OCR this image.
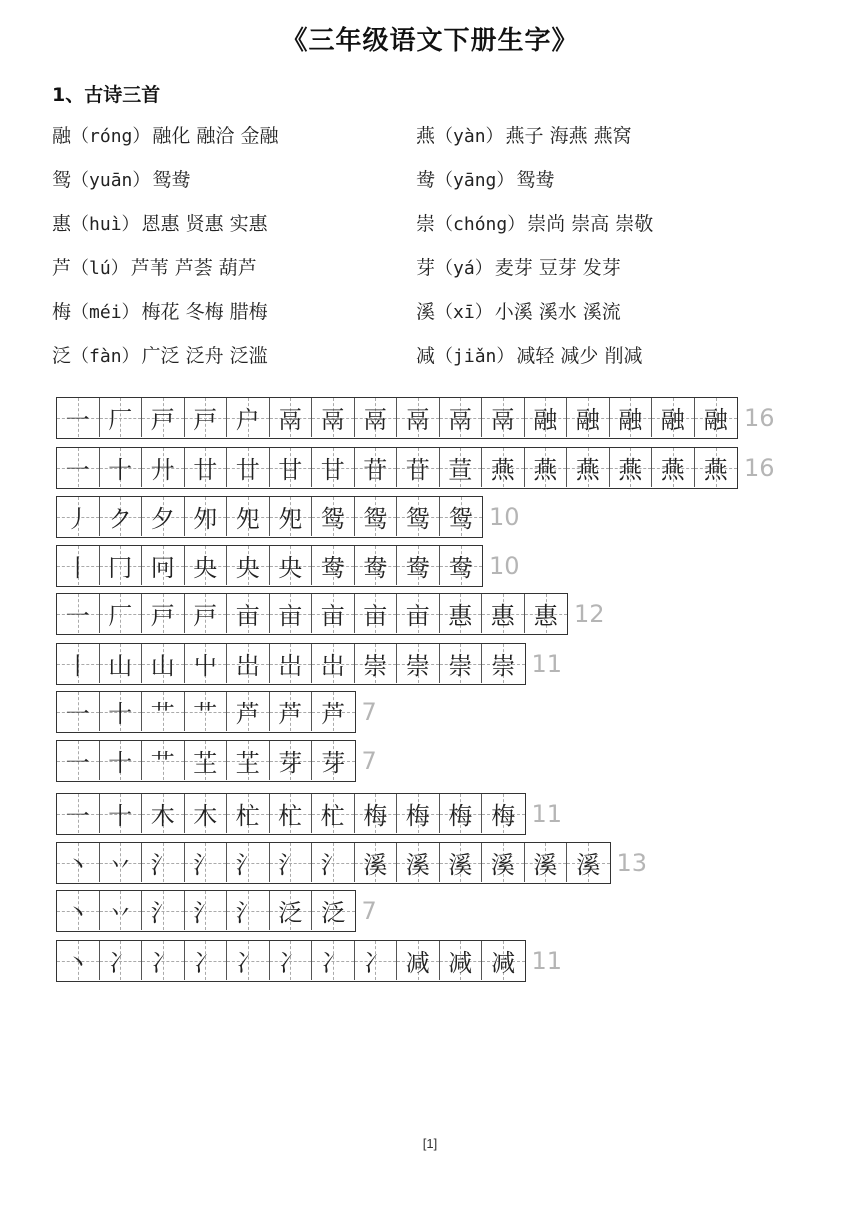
《三年级语文下册生字》
1、古诗三首
融（róng） 融化 融洽 金融	燕（yàn） 燕子 海燕 燕窝
鸳（yuān） 鸳鸯	鸯（yāng） 鸳鸯
惠（huì） 恩惠 贤惠 实惠	崇（chóng） 崇尚 崇高 崇敬
芦（lú） 芦苇 芦荟 葫芦	芽（yá） 麦芽 豆芽 发芽
梅（méi） 梅花 冬梅 腊梅	溪（xī） 小溪 溪水 溪流
泛（fàn） 广泛 泛舟 泛滥	减（jiǎn） 减轻 减少 削减
一 厂 戸 戸 户 鬲 鬲 鬲 鬲 鬲 鬲 融 融 融 融 融 16
一 十 廾 廿 廿 甘 甘 苷 苷 荁 燕 燕 燕 燕 燕 燕 16
丿 ク 夕 夘 夗 夗 鸳 鸳 鸳 鸳 10
丨 冂 冋 央 央 央 鸯 鸯 鸯 鸯 10
一 厂 戸 戸 亩 亩 亩 亩 亩 惠 惠 惠 12
丨 山 山 屮 岀 岀 岀 崇 崇 崇 崇 11
一 十 艹 艹 芦 芦 芦 7
一 十 艹 芏 芏 芽 芽 7
一 十 木 木 杧 杧 杧 梅 梅 梅 梅 11
丶 丷 氵 氵 氵 氵 氵 溪 溪 溪 溪 溪 溪 13
丶 丷 氵 氵 氵 泛 泛 7
丶 冫 冫 冫 冫 冫 冫 冫 减 减 减 11
[1]
